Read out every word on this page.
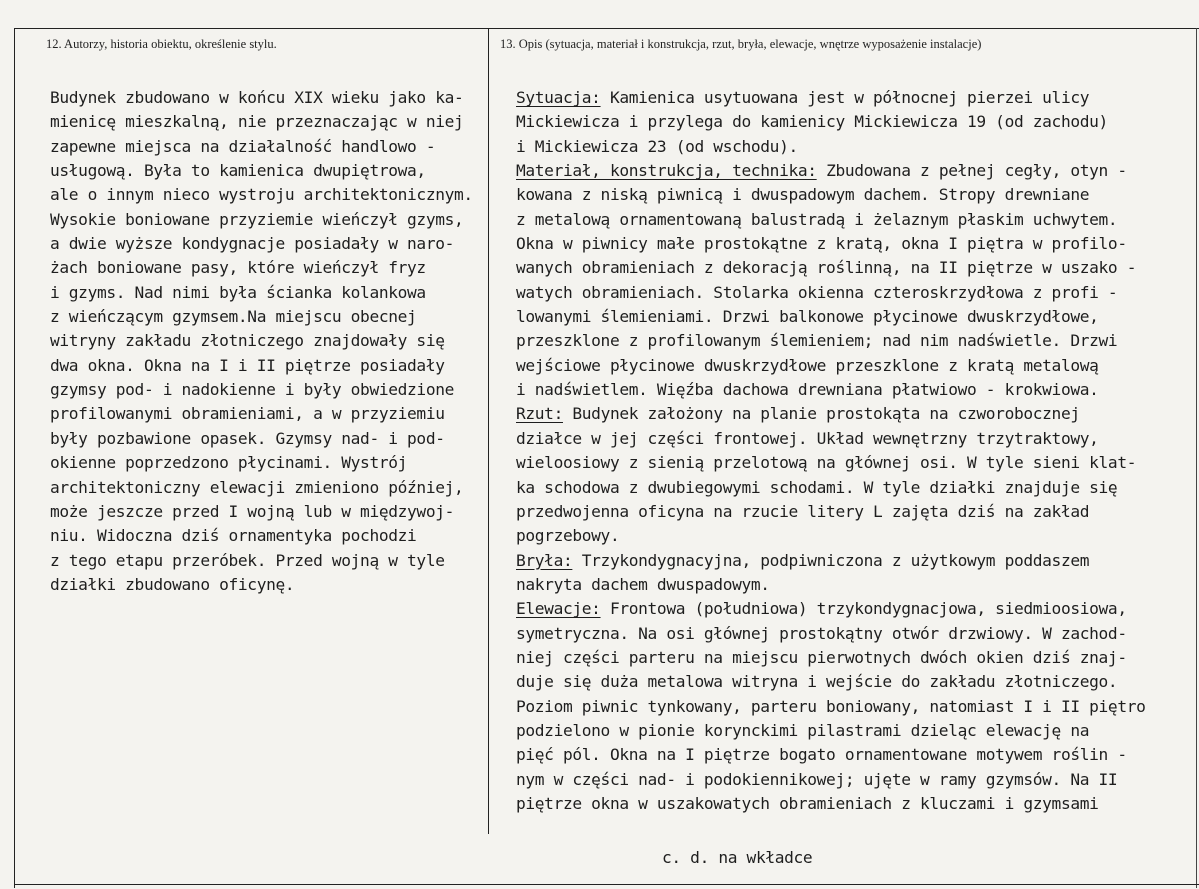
12. Autorzy, historia obiektu, określenie stylu.	13. Opis (sytuacja, materiał i konstrukcja, rzut, bryła, elewacje, wnętrze wyposażenie instalacje)
Budynek zbudowano w końcu XIX wieku jako ka-
mienicę mieszkalną, nie przeznaczając w niej
zapewne miejsca na działalność handlowo -
usługową. Była to kamienica dwupiętrowa,
ale o innym nieco wystroju architektonicznym.
Wysokie boniowane przyziemie wieńczył gzyms,
a dwie wyższe kondygnacje posiadały w naro-
żach boniowane pasy, które wieńczył fryz
i gzyms. Nad nimi była ścianka kolankowa
z wieńczącym gzymsem.Na miejscu obecnej
witryny zakładu złotniczego znajdowały się
dwa okna. Okna na I i II piętrze posiadały
gzymsy pod- i nadokienne i były obwiedzione
profilowanymi obramieniami, a w przyziemiu
były pozbawione opasek. Gzymsy nad- i pod-
okienne poprzedzono płycinami. Wystrój
architektoniczny elewacji zmieniono później,
może jeszcze przed I wojną lub w międzywoj-
niu. Widoczna dziś ornamentyka pochodzi
z tego etapu przeróbek. Przed wojną w tyle
działki zbudowano oficynę.
Sytuacja: Kamienica usytuowana jest w północnej pierzei ulicy
Mickiewicza i przylega do kamienicy Mickiewicza 19 (od zachodu)
i Mickiewicza 23 (od wschodu).
Materiał, konstrukcja, technika: Zbudowana z pełnej cegły, otyn -
kowana z niską piwnicą i dwuspadowym dachem. Stropy drewniane
z metalową ornamentowaną balustradą i żelaznym płaskim uchwytem.
Okna w piwnicy małe prostokątne z kratą, okna I piętra w profilo-
wanych obramieniach z dekoracją roślinną, na II piętrze w uszako -
watych obramieniach. Stolarka okienna czteroskrzydłowa z profi -
lowanymi ślemieniami. Drzwi balkonowe płycinowe dwuskrzydłowe,
przeszklone z profilowanym ślemieniem; nad nim nadświetle. Drzwi
wejściowe płycinowe dwuskrzydłowe przeszklone z kratą metalową
i nadświetlem. Więźba dachowa drewniana płatwiowo - krokwiowa.
Rzut: Budynek założony na planie prostokąta na czworobocznej
działce w jej części frontowej. Układ wewnętrzny trzytraktowy,
wieloosiowy z sienią przelotową na głównej osi. W tyle sieni klat-
ka schodowa z dwubiegowymi schodami. W tyle działki znajduje się
przedwojenna oficyna na rzucie litery L zajęta dziś na zakład
pogrzebowy.
Bryła: Trzykondygnacyjna, podpiwniczona z użytkowym poddaszem
nakryta dachem dwuspadowym.
Elewacje: Frontowa (południowa) trzykondygnacjowa, siedmioosiowa,
symetryczna. Na osi głównej prostokątny otwór drzwiowy. W zachod-
niej części parteru na miejscu pierwotnych dwóch okien dziś znaj-
duje się duża metalowa witryna i wejście do zakładu złotniczego.
Poziom piwnic tynkowany, parteru boniowany, natomiast I i II piętro
podzielono w pionie korynckimi pilastrami dzieląc elewację na
pięć pól. Okna na I piętrze bogato ornamentowane motywem roślin -
nym w części nad- i podokiennikowej; ujęte w ramy gzymsów. Na II
piętrze okna w uszakowatych obramieniach z kluczami i gzymsami
c. d. na wkładce
